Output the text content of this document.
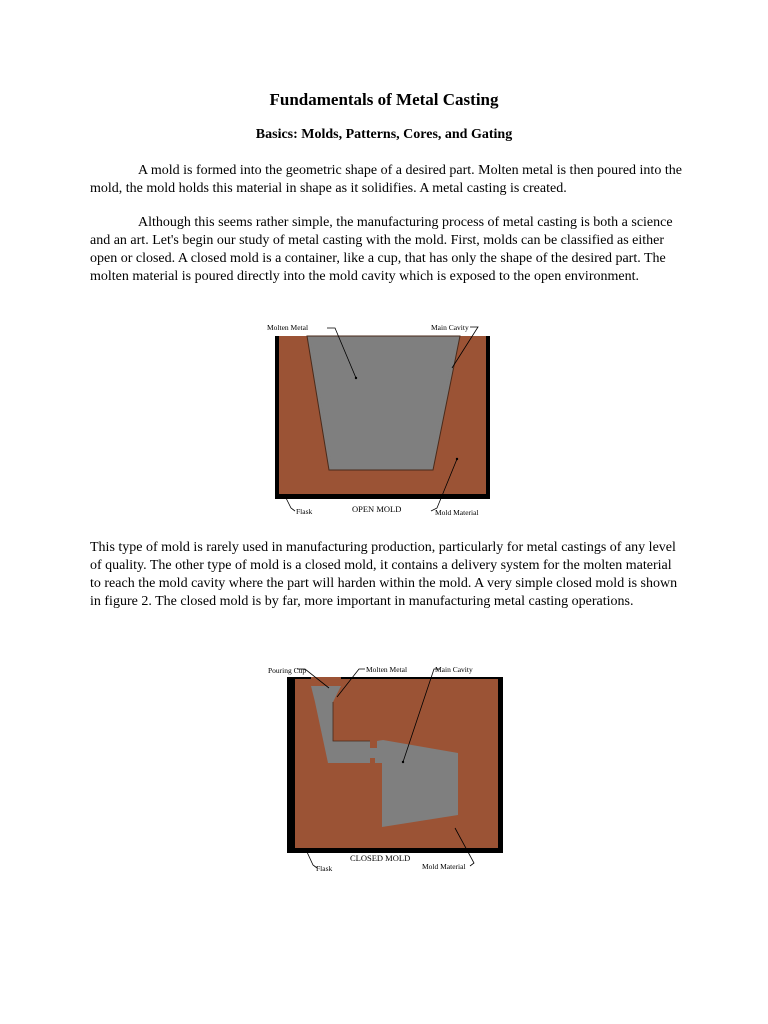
Fundamentals of Metal Casting
Basics: Molds, Patterns, Cores, and Gating

A mold is formed into the geometric shape of a desired part. Molten metal is then poured into the mold, the mold holds this material in shape as it solidifies. A metal casting is created.

Although this seems rather simple, the manufacturing process of metal casting is both a science and an art. Let's begin our study of metal casting with the mold. First, molds can be classified as either open or closed. A closed mold is a container, like a cup, that has only the shape of the desired part. The molten material is poured directly into the mold cavity which is exposed to the open environment.

Molten Metal	Main Cavity
Flask	OPEN MOLD	Mold Material

This type of mold is rarely used in manufacturing production, particularly for metal castings of any level of quality. The other type of mold is a closed mold, it contains a delivery system for the molten material to reach the mold cavity where the part will harden within the mold. A very simple closed mold is shown in figure 2. The closed mold is by far, more important in manufacturing metal casting operations.

Pouring Cup	Molten Metal	Main Cavity
CLOSED MOLD
Flask	Mold Material
